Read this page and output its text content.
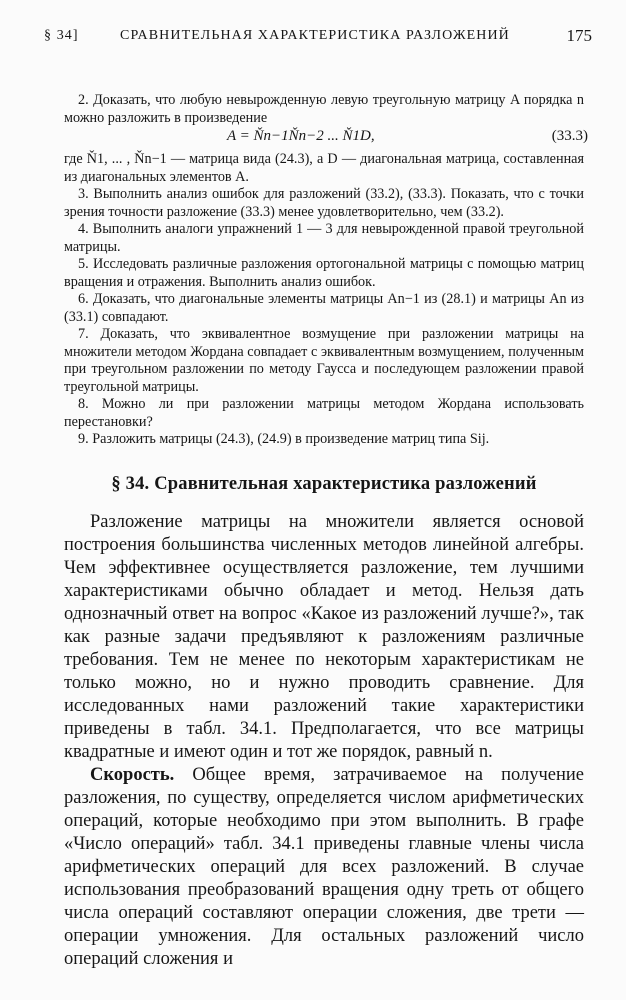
§ 34]	СРАВНИТЕЛЬНАЯ ХАРАКТЕРИСТИКА РАЗЛОЖЕНИЙ	175

2. Доказать, что любую невырожденную левую треугольную матрицу A порядка n можно разложить в произведение

A = Ňn−1Ňn−2 ... Ň1D,	(33.3)

где Ň1, ... , Ňn−1 — матрица вида (24.3), а D — диагональная матрица, составленная из диагональных элементов A.

3. Выполнить анализ ошибок для разложений (33.2), (33.3). Показать, что с точки зрения точности разложение (33.3) менее удовлетворительно, чем (33.2).

4. Выполнить аналоги упражнений 1 — 3 для невырожденной правой треугольной матрицы.

5. Исследовать различные разложения ортогональной матрицы с помощью матриц вращения и отражения. Выполнить анализ ошибок.

6. Доказать, что диагональные элементы матрицы An−1 из (28.1) и матрицы An из (33.1) совпадают.

7. Доказать, что эквивалентное возмущение при разложении матрицы на множители методом Жордана совпадает с эквивалентным возмущением, полученным при треугольном разложении по методу Гаусса и последующем разложении правой треугольной матрицы.

8. Можно ли при разложении матрицы методом Жордана использовать перестановки?

9. Разложить матрицы (24.3), (24.9) в произведение матриц типа Sij.

§ 34. Сравнительная характеристика разложений

Разложение матрицы на множители является основой построения большинства численных методов линейной алгебры. Чем эффективнее осуществляется разложение, тем лучшими характеристиками обычно обладает и метод. Нельзя дать однозначный ответ на вопрос «Какое из разложений лучше?», так как разные задачи предъявляют к разложениям различные требования. Тем не менее по некоторым характеристикам не только можно, но и нужно проводить сравнение. Для исследованных нами разложений такие характеристики приведены в табл. 34.1. Предполагается, что все матрицы квадратные и имеют один и тот же порядок, равный n.

Скорость. Общее время, затрачиваемое на получение разложения, по существу, определяется числом арифметических операций, которые необходимо при этом выполнить. В графе «Число операций» табл. 34.1 приведены главные члены числа арифметических операций для всех разложений. В случае использования преобразований вращения одну треть от общего числа операций составляют операции сложения, две трети — операции умножения. Для остальных разложений число операций сложения и
